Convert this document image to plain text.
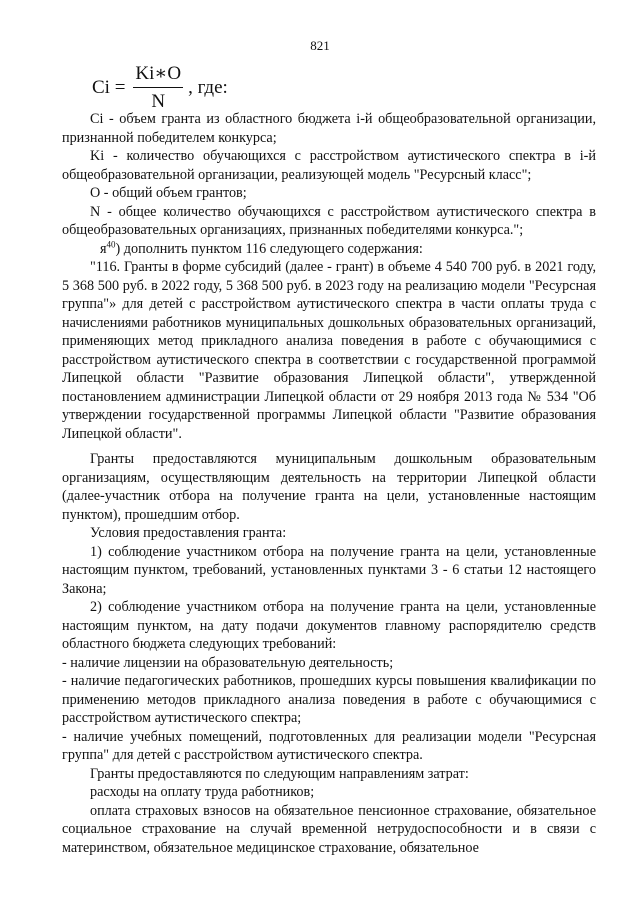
821
$Ci = \frac{Ki∗O}{N}$ , где:

Ci - объем гранта из областного бюджета i-й общеобразовательной организации, признанной победителем конкурса;

Ki - количество обучающихся с расстройством аутистического спектра в i-й общеобразовательной организации, реализующей модель "Ресурсный класс";

О - общий объем грантов;

N - общее количество обучающихся с расстройством аутистического спектра в общеобразовательных организациях, признанных победителями конкурса.";

$я^{40}$) дополнить пунктом 116 следующего содержания:

"116. Гранты в форме субсидий (далее - грант) в объеме 4 540 700 руб. в 2021 году, 5 368 500 руб. в 2022 году, 5 368 500 руб. в 2023 году на реализацию модели "Ресурсная группа"» для детей с расстройством аутистического спектра в части оплаты труда с начислениями работников муниципальных дошкольных образовательных организаций, применяющих метод прикладного анализа поведения в работе с обучающимися с расстройством аутистического спектра в соответствии с государственной программой Липецкой области "Развитие образования Липецкой области", утвержденной постановлением администрации Липецкой области от 29 ноября 2013 года № 534 "Об утверждении государственной программы Липецкой области "Развитие образования Липецкой области".

Гранты предоставляются муниципальным дошкольным образовательным организациям, осуществляющим деятельность на территории Липецкой области (далее-участник отбора на получение гранта на цели, установленные настоящим пунктом), прошедшим отбор.

Условия предоставления гранта:

1) соблюдение участником отбора на получение гранта на цели, установленные настоящим пунктом, требований, установленных пунктами 3 - 6 статьи 12 настоящего Закона;

2) соблюдение участником отбора на получение гранта на цели, установленные настоящим пунктом, на дату подачи документов главному распорядителю средств областного бюджета следующих требований:

- наличие лицензии на образовательную деятельность;

- наличие педагогических работников, прошедших курсы повышения квалификации по применению методов прикладного анализа поведения в работе с обучающимися с расстройством аутистического спектра;

- наличие учебных помещений, подготовленных для реализации модели "Ресурсная группа" для детей с расстройством аутистического спектра.

Гранты предоставляются по следующим направлениям затрат:

расходы на оплату труда работников;

оплата страховых взносов на обязательное пенсионное страхование, обязательное социальное страхование на случай временной нетрудоспособности и в связи с материнством, обязательное медицинское страхование, обязательное
